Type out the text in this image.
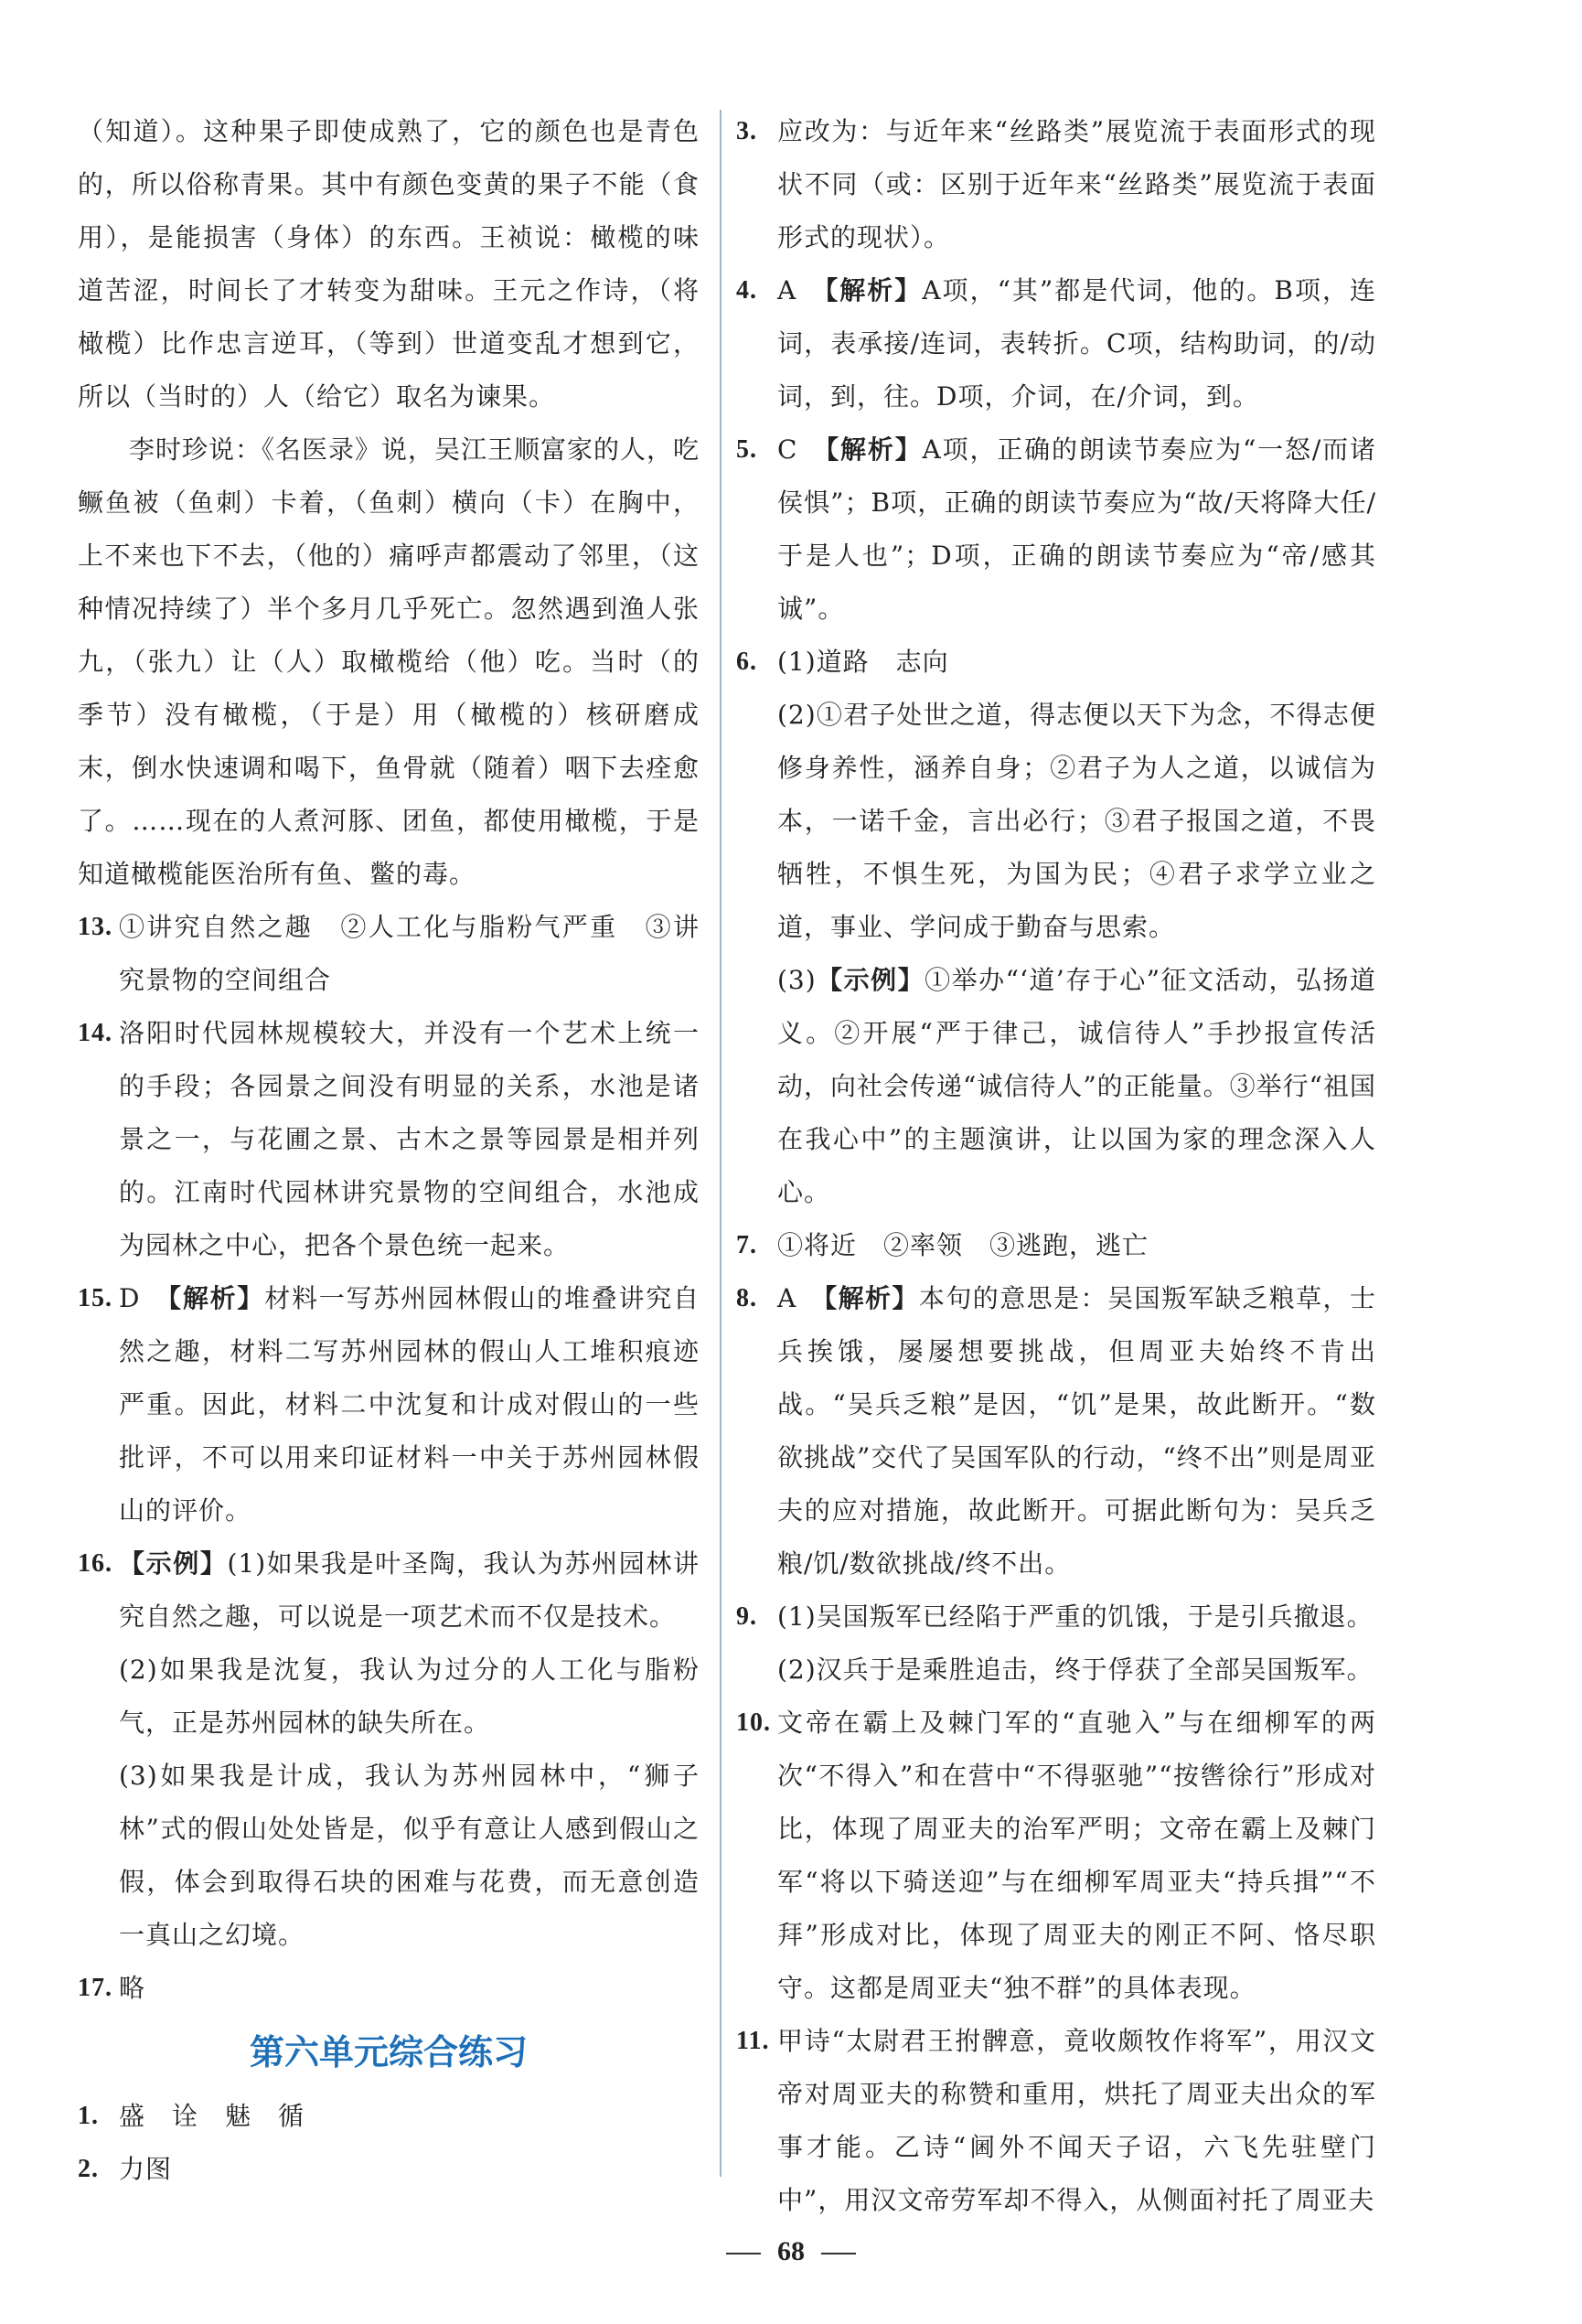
（知道）。这种果子即使成熟了，它的颜色也是青色的，所以俗称青果。其中有颜色变黄的果子不能（食用），是能损害（身体）的东西。王祯说：橄榄的味道苦涩，时间长了才转变为甜味。王元之作诗，（将橄榄）比作忠言逆耳，（等到）世道变乱才想到它，所以（当时的）人（给它）取名为谏果。

李时珍说：《名医录》说，吴江王顺富家的人，吃鳜鱼被（鱼刺）卡着，（鱼刺）横向（卡）在胸中，上不来也下不去，（他的）痛呼声都震动了邻里，（这种情况持续了）半个多月几乎死亡。忽然遇到渔人张九，（张九）让（人）取橄榄给（他）吃。当时（的季节）没有橄榄，（于是）用（橄榄的）核研磨成末，倒水快速调和喝下，鱼骨就（随着）咽下去痊愈了。……现在的人煮河豚、团鱼，都使用橄榄，于是知道橄榄能医治所有鱼、鳖的毒。

13. ①讲究自然之趣　②人工化与脂粉气严重　③讲究景物的空间组合

14. 洛阳时代园林规模较大，并没有一个艺术上统一的手段；各园景之间没有明显的关系，水池是诸景之一，与花圃之景、古木之景等园景是相并列的。江南时代园林讲究景物的空间组合，水池成为园林之中心，把各个景色统一起来。

15. D　 【解析】材料一写苏州园林假山的堆叠讲究自然之趣，材料二写苏州园林的假山人工堆积痕迹严重。因此，材料二中沈复和计成对假山的一些批评，不可以用来印证材料一中关于苏州园林假山的评价。

16. 【示例】(1)如果我是叶圣陶，我认为苏州园林讲究自然之趣，可以说是一项艺术而不仅是技术。

(2)如果我是沈复，我认为过分的人工化与脂粉气，正是苏州园林的缺失所在。

(3)如果我是计成，我认为苏州园林中，“狮子林”式的假山处处皆是，似乎有意让人感到假山之假，体会到取得石块的困难与花费，而无意创造一真山之幻境。

17. 略

第六单元综合练习
1. 盛　诠　魅　循

2. 力图

3. 应改为：与近年来“丝路类”展览流于表面形式的现状不同（或：区别于近年来“丝路类”展览流于表面形式的现状）。

4. A　 【解析】A项，“其”都是代词，他的。B项，连词，表承接/连词，表转折。C项，结构助词，的/动词，到，往。D项，介词，在/介词，到。

5. C　 【解析】A项，正确的朗读节奏应为“一怒/而诸侯惧”；B项，正确的朗读节奏应为“故/天将降大任/于是人也”；D项，正确的朗读节奏应为“帝/感其诚”。

6. (1)道路　志向

(2)①君子处世之道，得志便以天下为念，不得志便修身养性，涵养自身；②君子为人之道，以诚信为本，一诺千金，言出必行；③君子报国之道，不畏牺牲，不惧生死，为国为民；④君子求学立业之道，事业、学问成于勤奋与思索。

(3)【示例】①举办“‘道’存于心”征文活动，弘扬道义。②开展“严于律己，诚信待人”手抄报宣传活动，向社会传递“诚信待人”的正能量。③举行“祖国在我心中”的主题演讲，让以国为家的理念深入人心。

7. ①将近　②率领　③逃跑，逃亡

8. A　 【解析】本句的意思是：吴国叛军缺乏粮草，士兵挨饿，屡屡想要挑战，但周亚夫始终不肯出战。“吴兵乏粮”是因，“饥”是果，故此断开。“数欲挑战”交代了吴国军队的行动，“终不出”则是周亚夫的应对措施，故此断开。可据此断句为：吴兵乏粮/饥/数欲挑战/终不出。

9. (1)吴国叛军已经陷于严重的饥饿，于是引兵撤退。

(2)汉兵于是乘胜追击，终于俘获了全部吴国叛军。

10. 文帝在霸上及棘门军的“直驰入”与在细柳军的两次“不得入”和在营中“不得驱驰”“按辔徐行”形成对比，体现了周亚夫的治军严明；文帝在霸上及棘门军“将以下骑送迎”与在细柳军周亚夫“持兵揖”“不拜”形成对比，体现了周亚夫的刚正不阿、恪尽职守。这都是周亚夫“独不群”的具体表现。

11. 甲诗“太尉君王拊髀意，竟收颇牧作将军”，用汉文帝对周亚夫的称赞和重用，烘托了周亚夫出众的军事才能。乙诗“阃外不闻天子诏，六飞先驻壁门中”，用汉文帝劳军却不得入，从侧面衬托了周亚夫

68
